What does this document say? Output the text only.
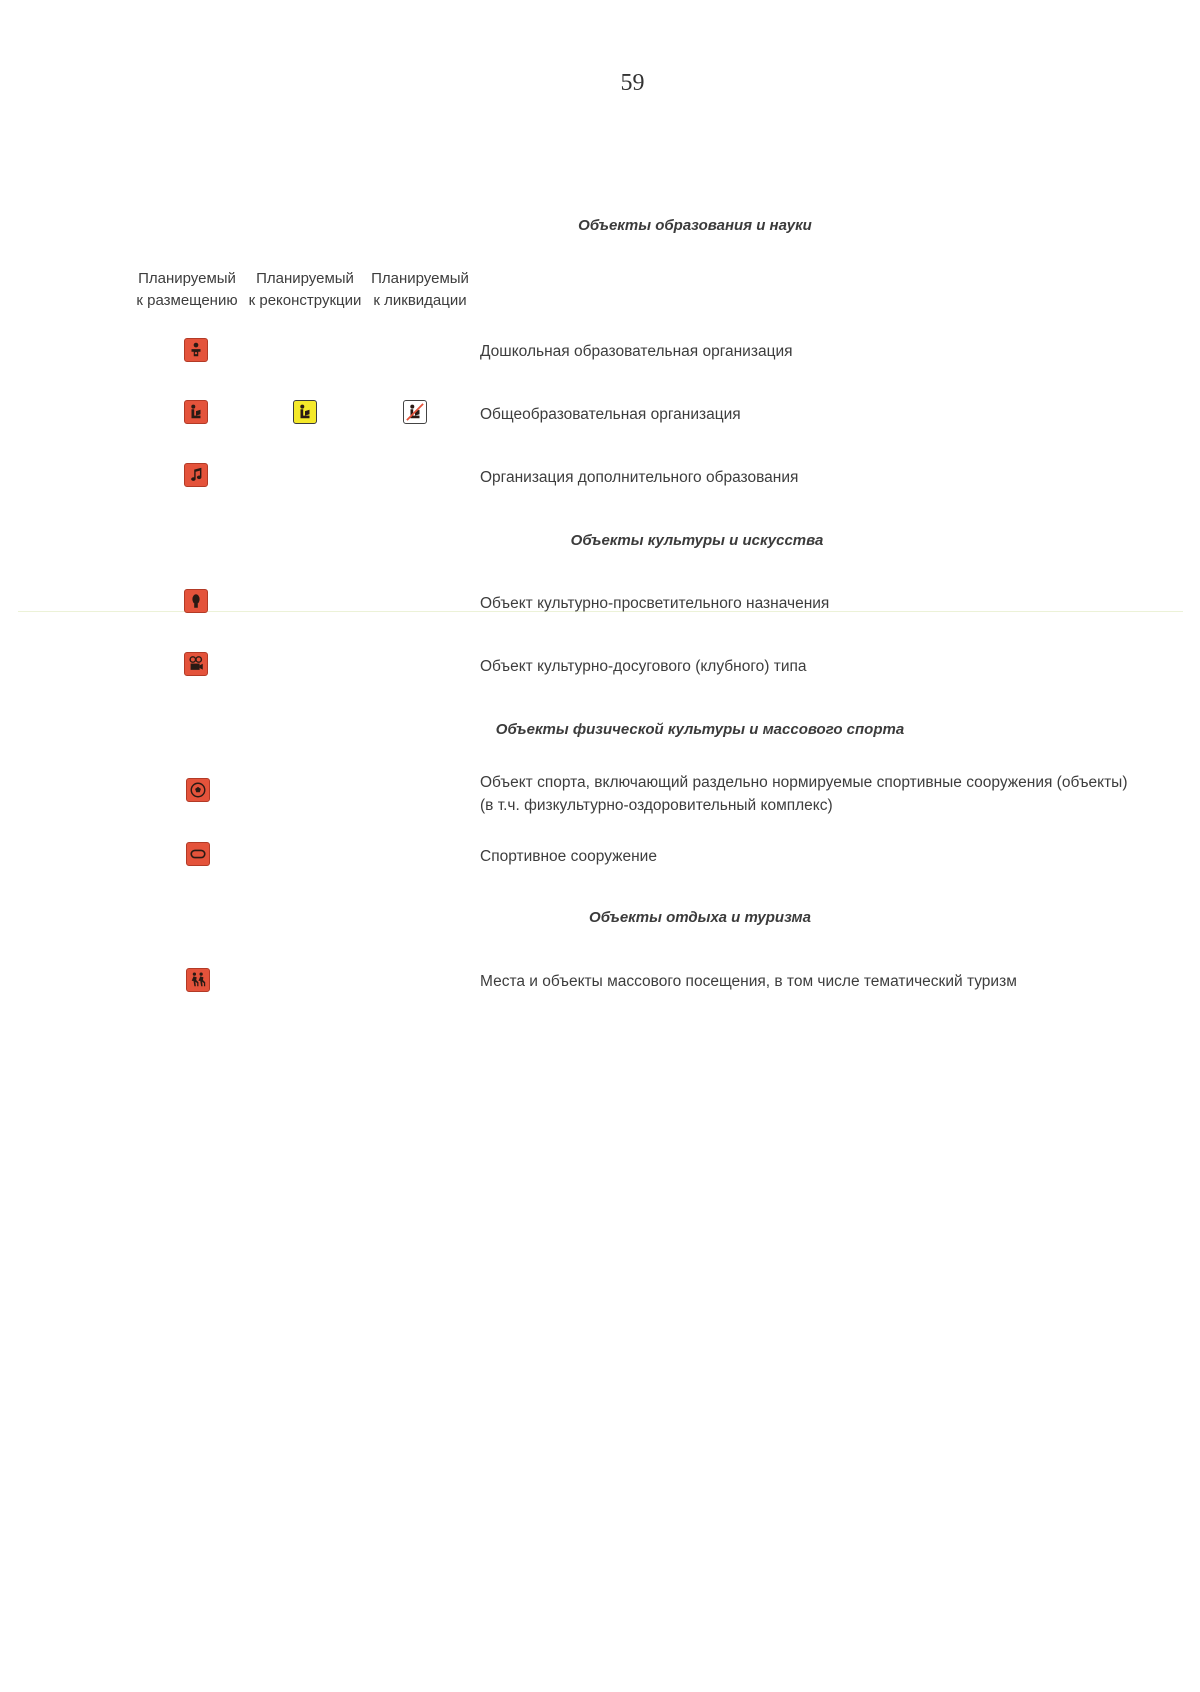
59
Планируемый
к размещению
Планируемый
к реконструкции
Планируемый
к ликвидации
Объекты образования и науки
Объекты культуры и искусства
Объекты физической культуры и массового спорта
Объекты отдыха и туризма
Дошкольная образовательная организация
Общеобразовательная организация
Организация дополнительного образования
Объект культурно-просветительного назначения
Объект культурно-досугового (клубного) типа
Объект спорта, включающий раздельно нормируемые спортивные сооружения (объекты)
(в т.ч. физкультурно-оздоровительный комплекс)
Спортивное сооружение
Места и объекты массового посещения, в том числе тематический туризм
